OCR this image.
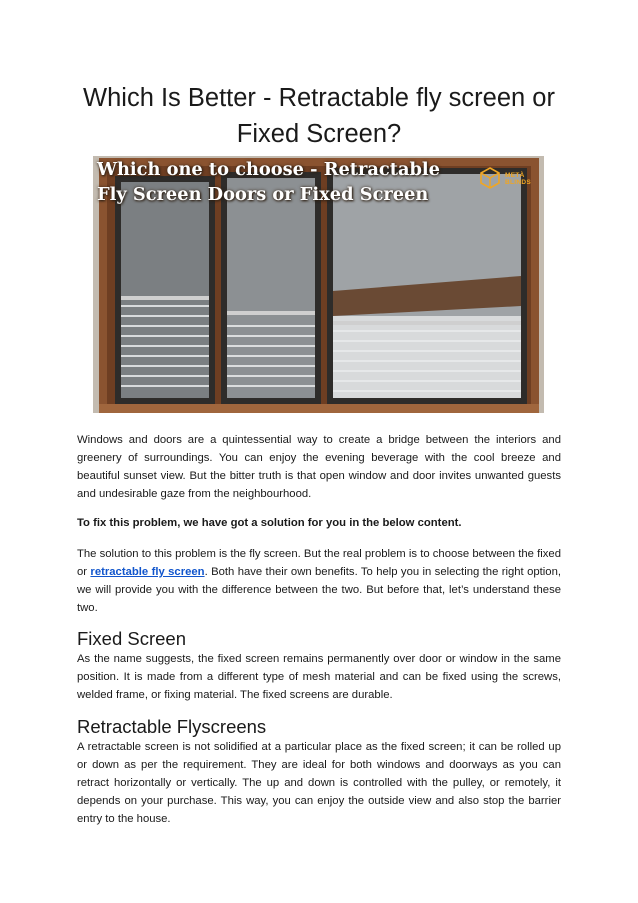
Which Is Better - Retractable fly screen or Fixed Screen?
Which one to choose - Retractable
Fly Screen Doors or Fixed Screen
METÀ
BLINDS

Windows and doors are a quintessential way to create a bridge between the interiors and greenery of surroundings. You can enjoy the evening beverage with the cool breeze and beautiful sunset view. But the bitter truth is that open window and door invites unwanted guests and undesirable gaze from the neighbourhood.

To fix this problem, we have got a solution for you in the below content.

The solution to this problem is the fly screen. But the real problem is to choose between the fixed or retractable fly screen. Both have their own benefits. To help you in selecting the right option, we will provide you with the difference between the two. But before that, let’s understand these two.

Fixed Screen

As the name suggests, the fixed screen remains permanently over door or window in the same position. It is made from a different type of mesh material and can be fixed using the screws, welded frame, or fixing material. The fixed screens are durable.

Retractable Flyscreens

A retractable screen is not solidified at a particular place as the fixed screen; it can be rolled up or down as per the requirement. They are ideal for both windows and doorways as you can retract horizontally or vertically. The up and down is controlled with the pulley, or remotely, it depends on your purchase. This way, you can enjoy the outside view and also stop the barrier entry to the house.
